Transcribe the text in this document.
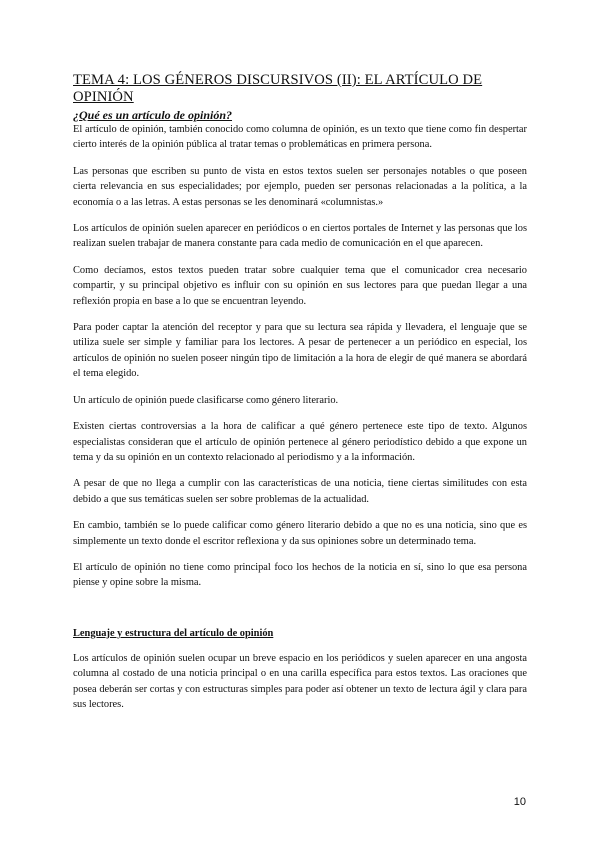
TEMA 4: LOS GÉNEROS DISCURSIVOS (II): EL ARTÍCULO DE OPINIÓN
¿Qué es un artículo de opinión?

El artículo de opinión, también conocido como columna de opinión, es un texto que tiene como fin despertar cierto interés de la opinión pública al tratar temas o problemáticas en primera persona.

Las personas que escriben su punto de vista en estos textos suelen ser personajes notables o que poseen cierta relevancia en sus especialidades; por ejemplo, pueden ser personas relacionadas a la política, a la economía o a las letras. A estas personas se les denominará «columnistas.»

Los artículos de opinión suelen aparecer en periódicos o en ciertos portales de Internet y las personas que los realizan suelen trabajar de manera constante para cada medio de comunicación en el que aparecen.

Como decíamos, estos textos pueden tratar sobre cualquier tema que el comunicador crea necesario compartir, y su principal objetivo es influir con su opinión en sus lectores para que puedan llegar a una reflexión propia en base a lo que se encuentran leyendo.

Para poder captar la atención del receptor y para que su lectura sea rápida y llevadera, el lenguaje que se utiliza suele ser simple y familiar para los lectores. A pesar de pertenecer a un periódico en especial, los artículos de opinión no suelen poseer ningún tipo de limitación a la hora de elegir de qué manera se abordará el tema elegido.

Un artículo de opinión puede clasificarse como género literario.

Existen ciertas controversias a la hora de calificar a qué género pertenece este tipo de texto. Algunos especialistas consideran que el artículo de opinión pertenece al género periodístico debido a que expone un tema y da su opinión en un contexto relacionado al periodismo y a la información.

A pesar de que no llega a cumplir con las características de una noticia, tiene ciertas similitudes con esta debido a que sus temáticas suelen ser sobre problemas de la actualidad.

En cambio, también se lo puede calificar como género literario debido a que no es una noticia, sino que es simplemente un texto donde el escritor reflexiona y da sus opiniones sobre un determinado tema.

El artículo de opinión no tiene como principal foco los hechos de la noticia en sí, sino lo que esa persona piense y opine sobre la misma.

Lenguaje y estructura del artículo de opinión

Los artículos de opinión suelen ocupar un breve espacio en los periódicos y suelen aparecer en una angosta columna al costado de una noticia principal o en una carilla específica para estos textos. Las oraciones que posea deberán ser cortas y con estructuras simples para poder así obtener un texto de lectura ágil y clara para sus lectores.

10
